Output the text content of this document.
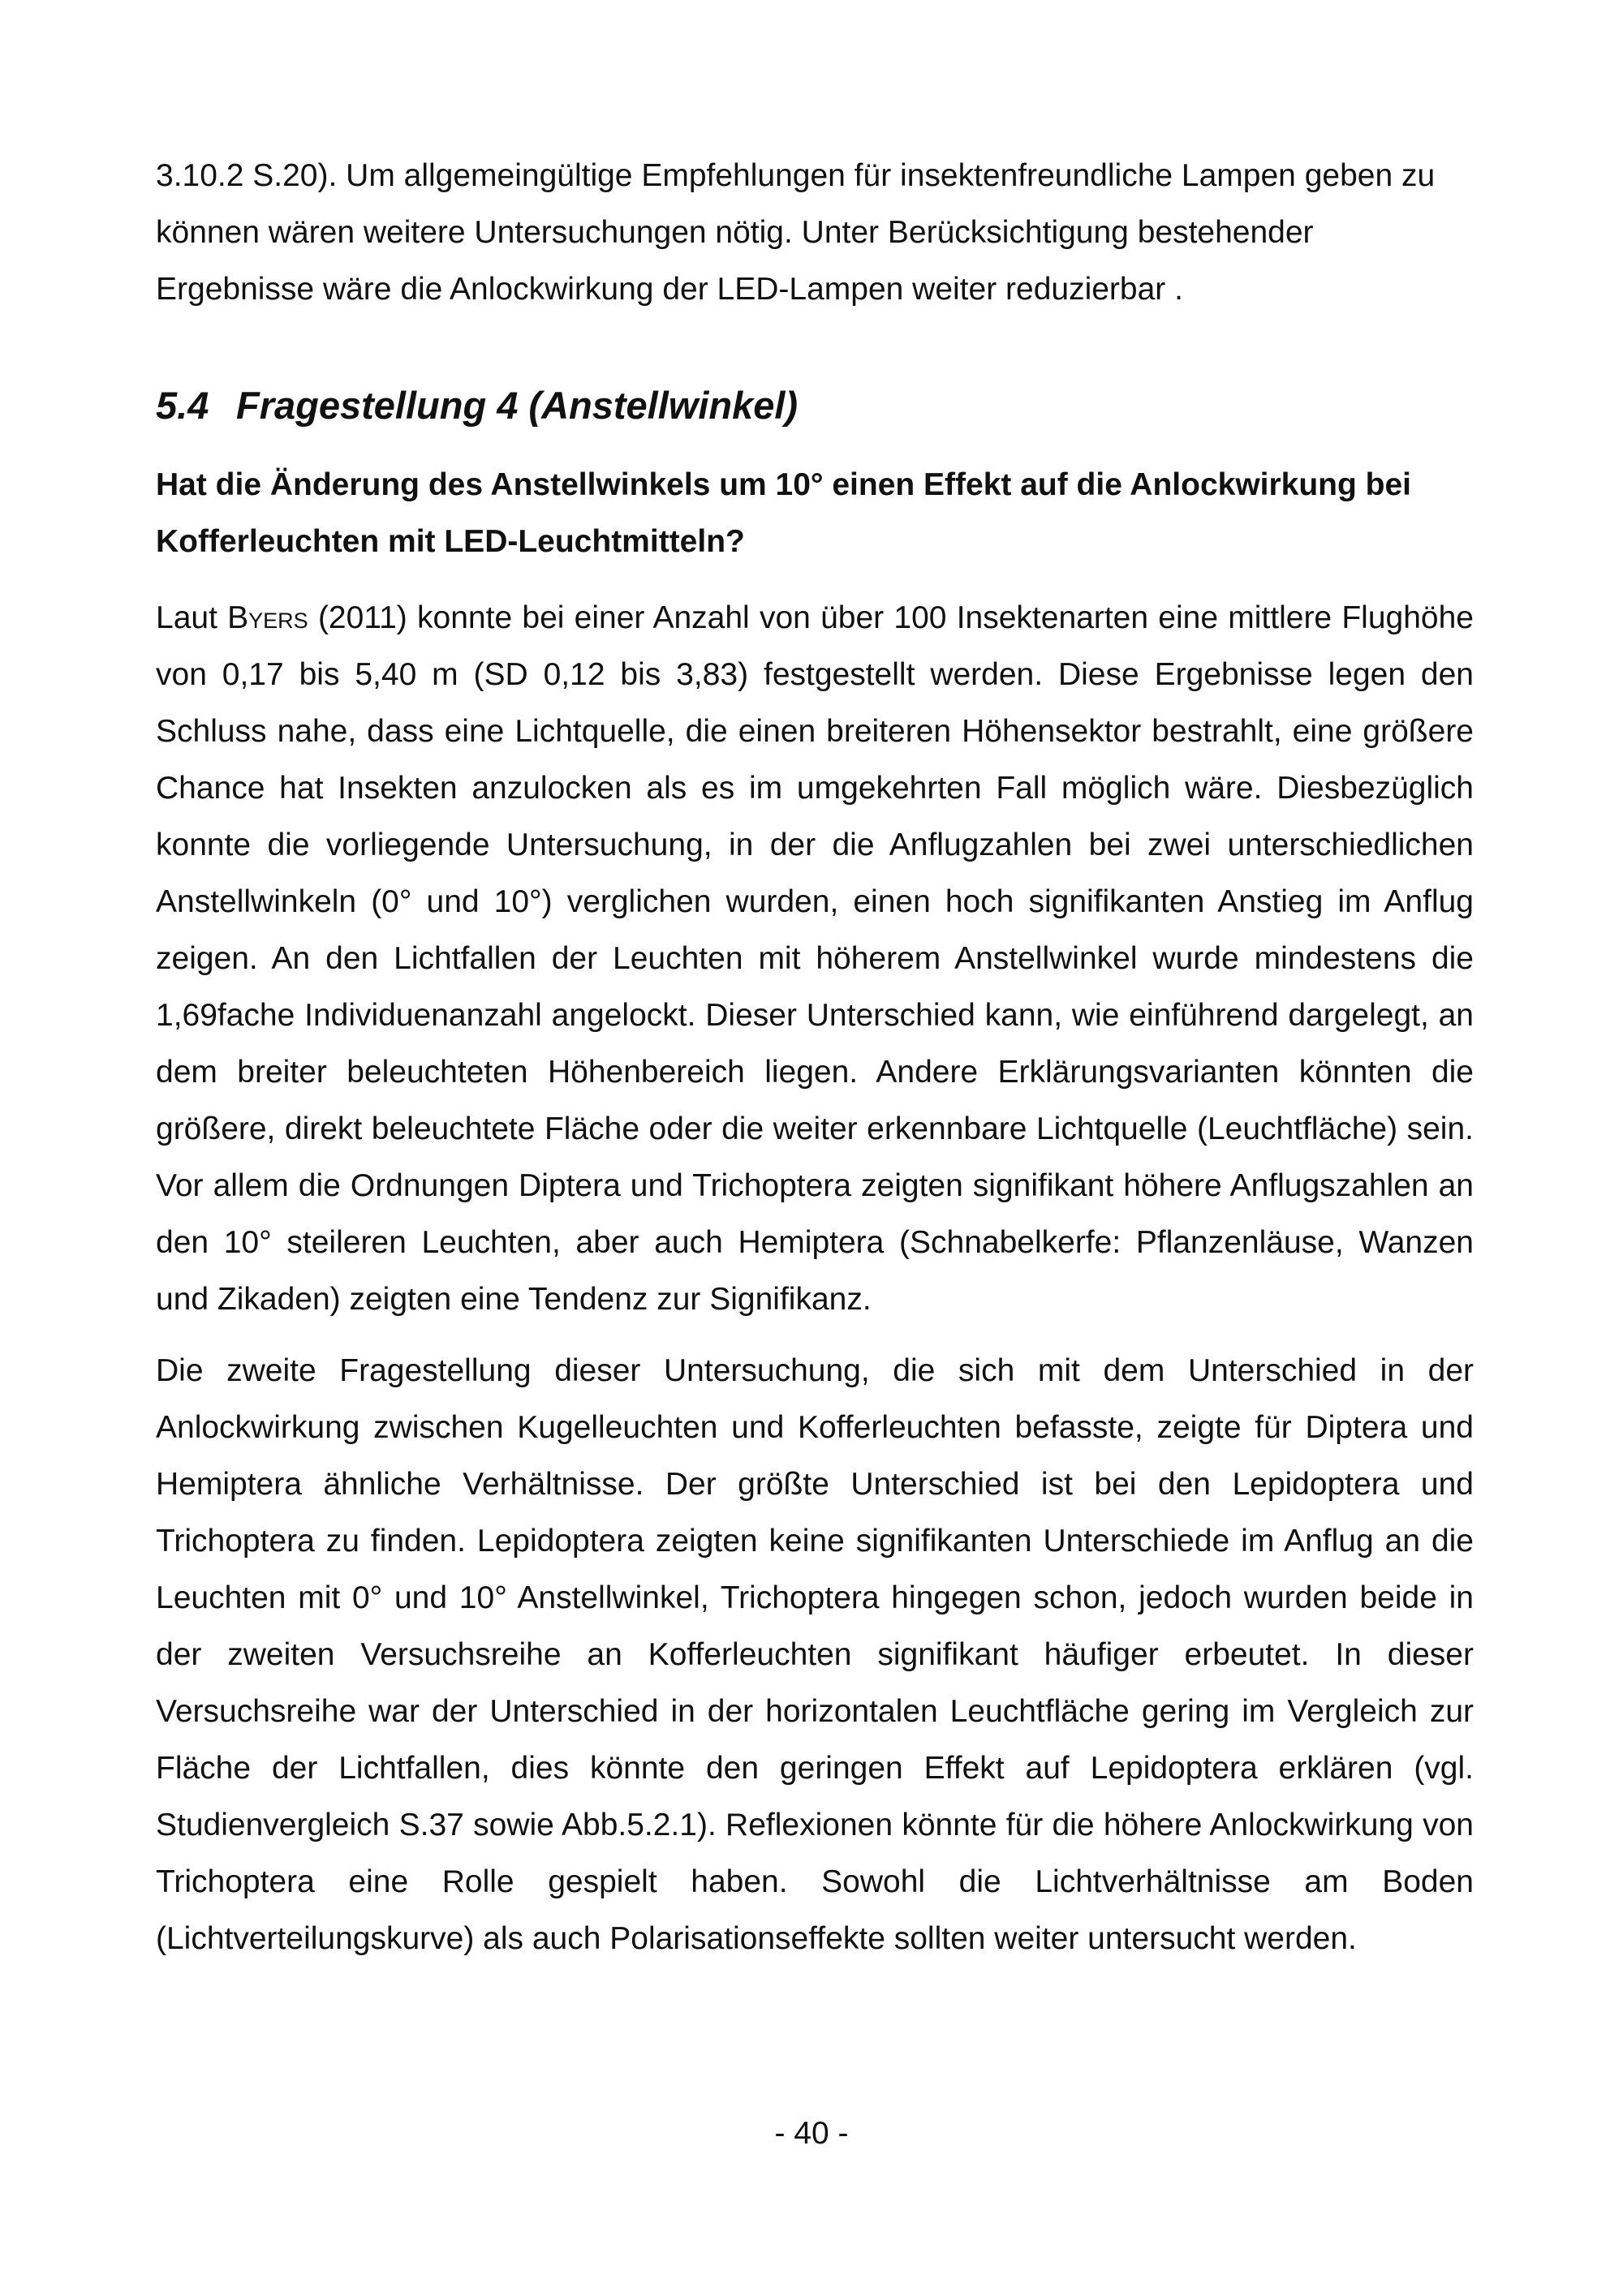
3.10.2 S.20). Um allgemeingültige Empfehlungen für insektenfreundliche Lampen geben zu können wären weitere Untersuchungen nötig. Unter Berücksichtigung bestehender Ergebnisse wäre die Anlockwirkung der LED-Lampen weiter reduzierbar .

5.4 Fragestellung 4 (Anstellwinkel)

Hat die Änderung des Anstellwinkels um 10° einen Effekt auf die Anlockwirkung bei Kofferleuchten mit LED-Leuchtmitteln?

Laut Byers (2011) konnte bei einer Anzahl von über 100 Insektenarten eine mittlere Flughöhe von 0,17 bis 5,40 m (SD 0,12 bis 3,83) festgestellt werden. Diese Ergebnisse legen den Schluss nahe, dass eine Lichtquelle, die einen breiteren Höhensektor bestrahlt, eine größere Chance hat Insekten anzulocken als es im umgekehrten Fall möglich wäre. Diesbezüglich konnte die vorliegende Untersuchung, in der die Anflugzahlen bei zwei unterschiedlichen Anstellwinkeln (0° und 10°) verglichen wurden, einen hoch signifikanten Anstieg im Anflug zeigen. An den Lichtfallen der Leuchten mit höherem Anstellwinkel wurde mindestens die 1,69fache Individuenanzahl angelockt. Dieser Unterschied kann, wie einführend dargelegt, an dem breiter beleuchteten Höhenbereich liegen. Andere Erklärungsvarianten könnten die größere, direkt beleuchtete Fläche oder die weiter erkennbare Lichtquelle (Leuchtfläche) sein. Vor allem die Ordnungen Diptera und Trichoptera zeigten signifikant höhere Anflugszahlen an den 10° steileren Leuchten, aber auch Hemiptera (Schnabelkerfe: Pflanzenläuse, Wanzen und Zikaden) zeigten eine Tendenz zur Signifikanz.

Die zweite Fragestellung dieser Untersuchung, die sich mit dem Unterschied in der Anlockwirkung zwischen Kugelleuchten und Kofferleuchten befasste, zeigte für Diptera und Hemiptera ähnliche Verhältnisse. Der größte Unterschied ist bei den Lepidoptera und Trichoptera zu finden. Lepidoptera zeigten keine signifikanten Unterschiede im Anflug an die Leuchten mit 0° und 10° Anstellwinkel, Trichoptera hingegen schon, jedoch wurden beide in der zweiten Versuchsreihe an Kofferleuchten signifikant häufiger erbeutet. In dieser Versuchsreihe war der Unterschied in der horizontalen Leuchtfläche gering im Vergleich zur Fläche der Lichtfallen, dies könnte den geringen Effekt auf Lepidoptera erklären (vgl. Studienvergleich S.37 sowie Abb.5.2.1). Reflexionen könnte für die höhere Anlockwirkung von Trichoptera eine Rolle gespielt haben. Sowohl die Lichtverhältnisse am Boden (Lichtverteilungskurve) als auch Polarisationseffekte sollten weiter untersucht werden.

- 40 -
